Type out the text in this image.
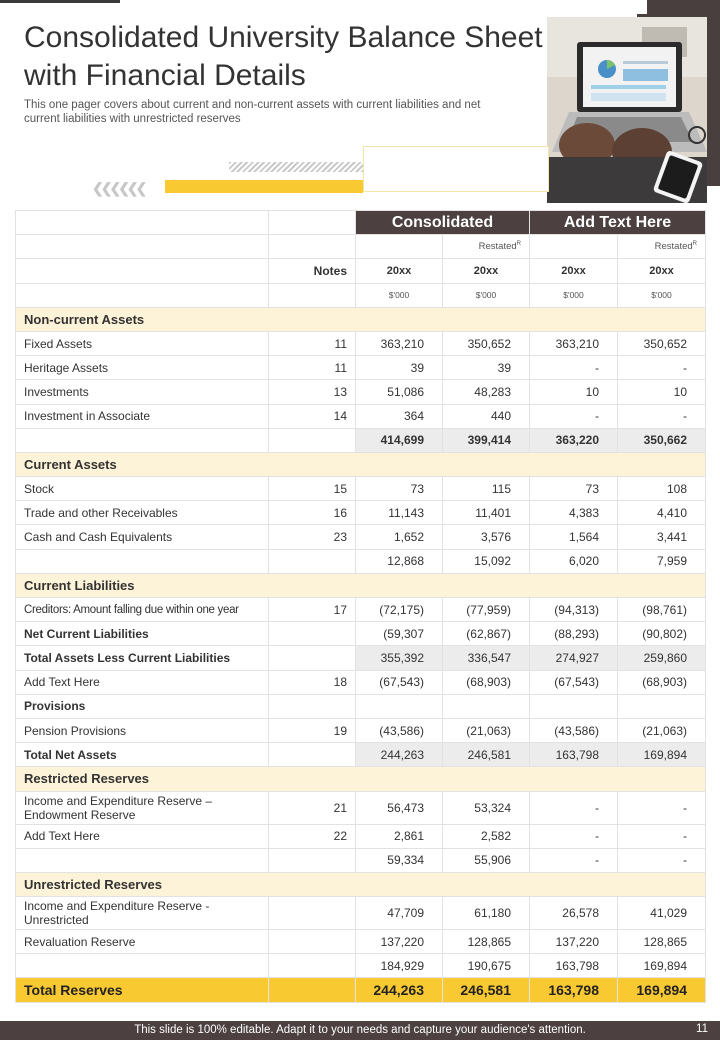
Consolidated University Balance Sheet with Financial Details

This one pager covers about current and non-current assets with current liabilities and net current liabilities with unrestricted reserves

❮❮❮❮❮❮
		Consolidated		Add Text Here	
			Restated$^R$		Restated$^R$
	Notes	20xx	20xx	20xx	20xx
		$'000	$'000	$'000	$'000
Non-current Assets					
Fixed Assets	11	363,210	350,652	363,210	350,652
Heritage Assets	11	39	39	-	-
Investments	13	51,086	48,283	10	10
Investment in Associate	14	364	440	-	-
		414,699	399,414	363,220	350,662
Current Assets					
Stock	15	73	115	73	108
Trade and other Receivables	16	11,143	11,401	4,383	4,410
Cash and Cash Equivalents	23	1,652	3,576	1,564	3,441
		12,868	15,092	6,020	7,959
Current Liabilities					
Creditors: Amount falling due within one year	17	(72,175)	(77,959)	(94,313)	(98,761)
Net Current Liabilities		(59,307	(62,867)	(88,293)	(90,802)
Total Assets Less Current Liabilities		355,392	336,547	274,927	259,860
Add Text Here	18	(67,543)	(68,903)	(67,543)	(68,903)
Provisions					
Pension Provisions	19	(43,586)	(21,063)	(43,586)	(21,063)
Total Net Assets		244,263	246,581	163,798	169,894
Restricted Reserves					
Income and Expenditure Reserve – Endowment Reserve	21	56,473	53,324	-	-
Add Text Here	22	2,861	2,582	-	-
		59,334	55,906	-	-
Unrestricted Reserves					
Income and Expenditure Reserve - Unrestricted		47,709	61,180	26,578	41,029
Revaluation Reserve		137,220	128,865	137,220	128,865
		184,929	190,675	163,798	169,894
Total Reserves		244,263	246,581	163,798	169,894
This slide is 100% editable. Adapt it to your needs and capture your audience's attention.	11
